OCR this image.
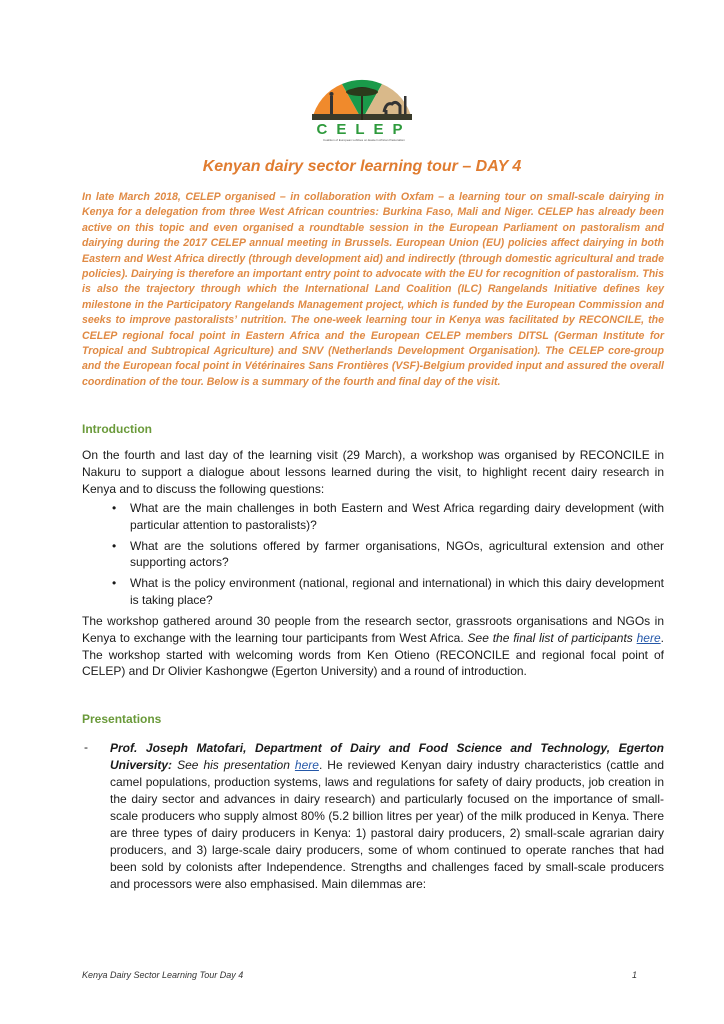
CELEP
Coalition of European Lobbies on Eastern African Pastoralism
Kenyan dairy sector learning tour – DAY 4
In late March 2018, CELEP organised – in collaboration with Oxfam – a learning tour on small-scale dairying in Kenya for a delegation from three West African countries: Burkina Faso, Mali and Niger. CELEP has already been active on this topic and even organised a roundtable session in the European Parliament on pastoralism and dairying during the 2017 CELEP annual meeting in Brussels. European Union (EU) policies affect dairying in both Eastern and West Africa directly (through development aid) and indirectly (through domestic agricultural and trade policies). Dairying is therefore an important entry point to advocate with the EU for recognition of pastoralism. This is also the trajectory through which the International Land Coalition (ILC) Rangelands Initiative defines key milestone in the Participatory Rangelands Management project, which is funded by the European Commission and seeks to improve pastoralists’ nutrition. The one-week learning tour in Kenya was facilitated by RECONCILE, the CELEP regional focal point in Eastern Africa and the European CELEP members DITSL (German Institute for Tropical and Subtropical Agriculture) and SNV (Netherlands Development Organisation). The CELEP core-group and the European focal point in Vétérinaires Sans Frontières (VSF)-Belgium provided input and assured the overall coordination of the tour. Below is a summary of the fourth and final day of the visit.
Introduction
On the fourth and last day of the learning visit (29 March), a workshop was organised by RECONCILE in Nakuru to support a dialogue about lessons learned during the visit, to highlight recent dairy research in Kenya and to discuss the following questions:
• What are the main challenges in both Eastern and West Africa regarding dairy development (with particular attention to pastoralists)?
• What are the solutions offered by farmer organisations, NGOs, agricultural extension and other supporting actors?
• What is the policy environment (national, regional and international) in which this dairy development is taking place?
The workshop gathered around 30 people from the research sector, grassroots organisations and NGOs in Kenya to exchange with the learning tour participants from West Africa. See the final list of participants here. The workshop started with welcoming words from Ken Otieno (RECONCILE and regional focal point of CELEP) and Dr Olivier Kashongwe (Egerton University) and a round of introduction.
Presentations
- Prof. Joseph Matofari, Department of Dairy and Food Science and Technology, Egerton University: See his presentation here. He reviewed Kenyan dairy industry characteristics (cattle and camel populations, production systems, laws and regulations for safety of dairy products, job creation in the dairy sector and advances in dairy research) and particularly focused on the importance of small-scale producers who supply almost 80% (5.2 billion litres per year) of the milk produced in Kenya. There are three types of dairy producers in Kenya: 1) pastoral dairy producers, 2) small-scale agrarian dairy producers, and 3) large-scale dairy producers, some of whom continued to operate ranches that had been sold by colonists after Independence. Strengths and challenges faced by small-scale producers and processors were also emphasised. Main dilemmas are:
Kenya Dairy Sector Learning Tour Day 4	1
